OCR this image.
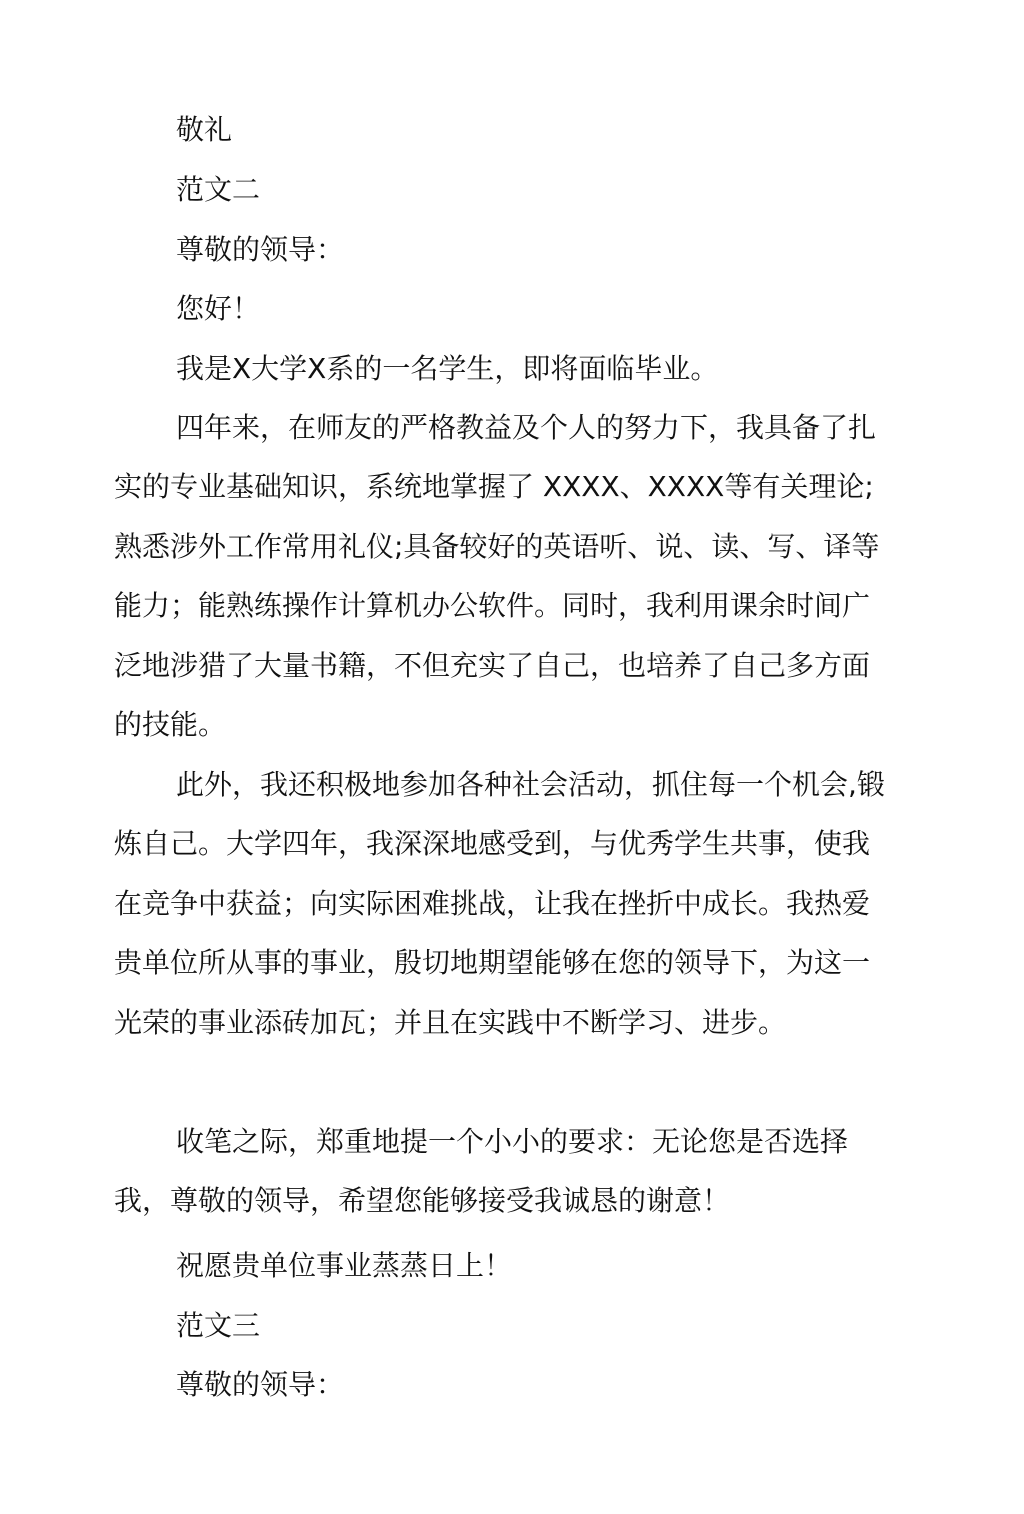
敬礼

范文二

尊敬的领导：

您好！

我是X大学X系的一名学生，即将面临毕业。

四年来，在师友的严格教益及个人的努力下，我具备了扎实的专业基础知识，系统地掌握了 XXXX、XXXX等有关理论;熟悉涉外工作常用礼仪;具备较好的英语听、说、读、写、译等能力；能熟练操作计算机办公软件。同时，我利用课余时间广泛地涉猎了大量书籍，不但充实了自己，也培养了自己多方面的技能。

此外，我还积极地参加各种社会活动，抓住每一个机会,锻炼自己。大学四年，我深深地感受到，与优秀学生共事，使我在竞争中获益；向实际困难挑战，让我在挫折中成长。我热爱贵单位所从事的事业，殷切地期望能够在您的领导下，为这一光荣的事业添砖加瓦；并且在实践中不断学习、进步。

收笔之际，郑重地提一个小小的要求：无论您是否选择我，尊敬的领导，希望您能够接受我诚恳的谢意！

祝愿贵单位事业蒸蒸日上！

范文三

尊敬的领导：
